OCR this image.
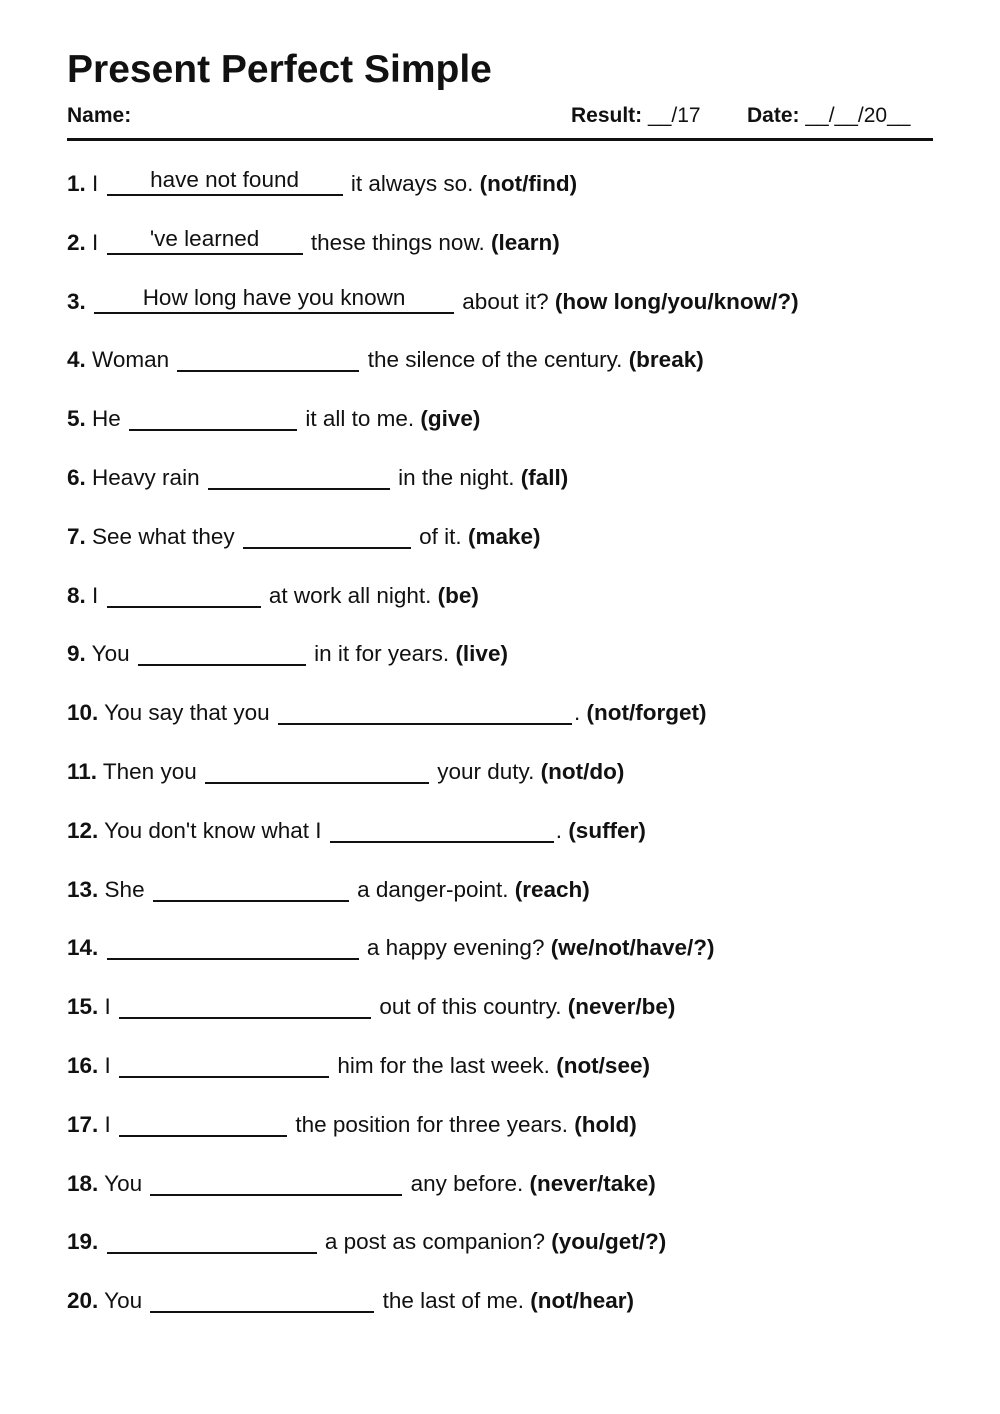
Present Perfect Simple
Name:	Result: __/17 Date: __/__/20__
1. I	have not found	it always so. (not/find)
2. I	've learned	these things now. (learn)
3.	How long have you known	about it? (how long/you/know/?)
4. Woman	the silence of the century. (break)
5. He	it all to me. (give)
6. Heavy rain	in the night. (fall)
7. See what they	of it. (make)
8. I	at work all night. (be)
9. You	in it for years. (live)
10. You say that you	. (not/forget)
11. Then you	your duty. (not/do)
12. You don't know what I	. (suffer)
13. She	a danger-point. (reach)
14.	a happy evening? (we/not/have/?)
15. I	out of this country. (never/be)
16. I	him for the last week. (not/see)
17. I	the position for three years. (hold)
18. You	any before. (never/take)
19.	a post as companion? (you/get/?)
20. You	the last of me. (not/hear)
